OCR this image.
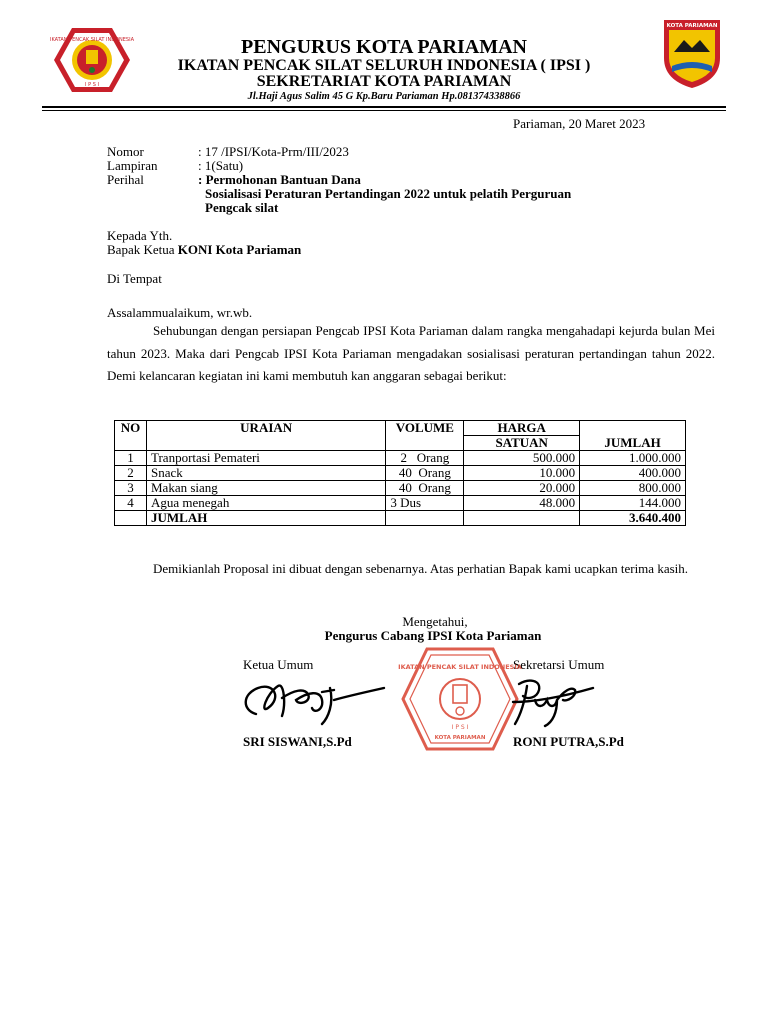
IKATAN PENCAK SILAT INDONESIA
I P S I
KOTA PARIAMAN
PENGURUS KOTA PARIAMAN
IKATAN PENCAK SILAT SELURUH INDONESIA ( IPSI )
SEKRETARIAT KOTA PARIAMAN
Jl.Haji Agus Salim 45 G Kp.Baru Pariaman Hp.081374338866
Pariaman, 20 Maret 2023
Nomor	: 17 /IPSI/Kota-Prm/III/2023
Lampiran	: 1(Satu)
Perihal	: Permohonan Bantuan Dana
Sosialisasi Peraturan Pertandingan 2022 untuk pelatih Perguruan
Pengcak silat
Kepada Yth.
Bapak Ketua KONI Kota Pariaman
Di Tempat
Assalammualaikum, wr.wb.
Sehubungan dengan persiapan Pengcab IPSI Kota Pariaman dalam rangka mengahadapi kejurda bulan Mei tahun 2023. Maka dari Pengcab IPSI Kota Pariaman mengadakan sosialisasi peraturan pertandingan tahun 2022. Demi kelancaran kegiatan ini kami membutuh kan anggaran sebagai berikut:
NO	URAIAN	VOLUME	HARGA	JUMLAH
			SATUAN	
1	Tranportasi Pemateri	2   Orang	500.000	1.000.000
2	Snack	40  Orang	10.000	400.000
3	Makan siang	40  Orang	20.000	800.000
4	Agua menegah	3 Dus	48.000	144.000
	JUMLAH			3.640.400
Demikianlah Proposal ini dibuat dengan sebenarnya. Atas perhatian Bapak kami ucapkan terima kasih.
Mengetahui,
Pengurus Cabang IPSI Kota Pariaman
Ketua Umum	Sekretarsi Umum
IKATAN PENCAK SILAT INDONESIA
I P S I
KOTA PARIAMAN
SRI SISWANI,S.Pd	RONI PUTRA,S.Pd
